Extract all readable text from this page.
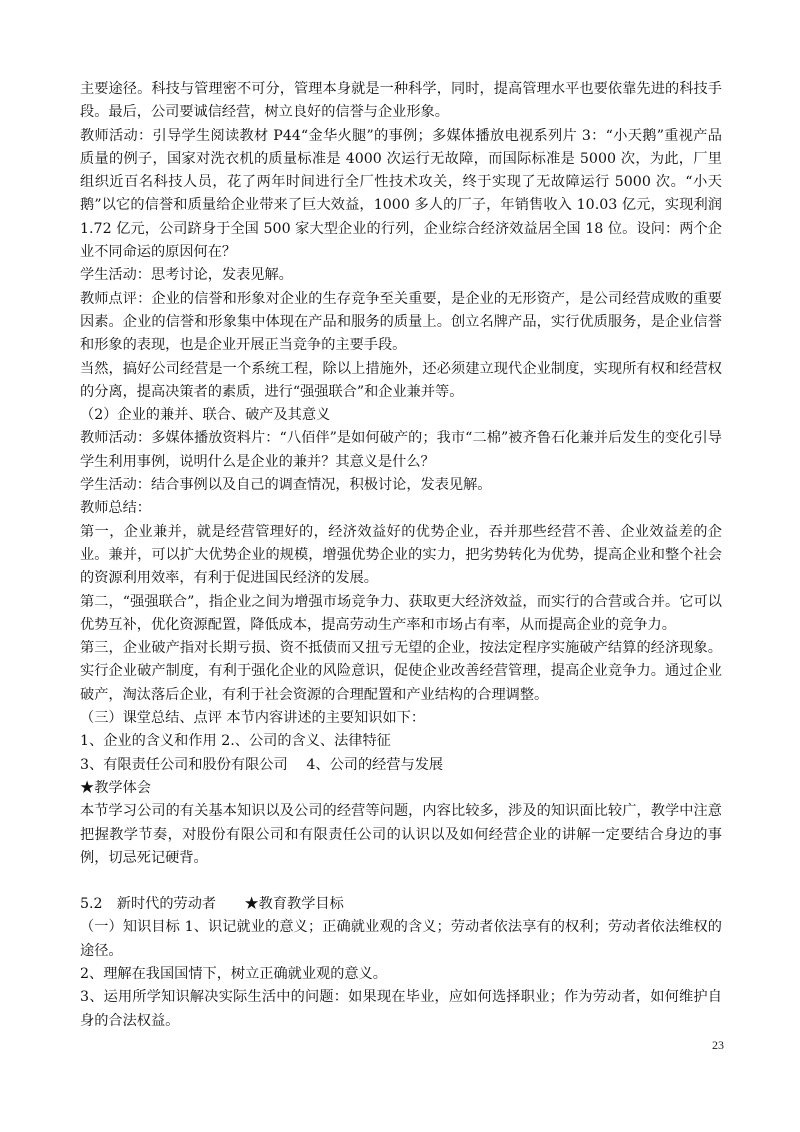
主要途径。科技与管理密不可分，管理本身就是一种科学，同时，提高管理水平也要依靠先进的科技手段。最后，公司要诚信经营，树立良好的信誉与企业形象。

教师活动：引导学生阅读教材 P44“金华火腿”的事例；多媒体播放电视系列片 3：“小天鹅”重视产品质量的例子，国家对洗衣机的质量标准是 4000 次运行无故障，而国际标准是 5000 次，为此，厂里组织近百名科技人员，花了两年时间进行全厂性技术攻关，终于实现了无故障运行 5000 次。“小天鹅”以它的信誉和质量给企业带来了巨大效益，1000 多人的厂子，年销售收入 10.03 亿元，实现利润 1.72 亿元，公司跻身于全国 500 家大型企业的行列，企业综合经济效益居全国 18 位。设问：两个企业不同命运的原因何在？

学生活动：思考讨论，发表见解。

教师点评：企业的信誉和形象对企业的生存竞争至关重要，是企业的无形资产，是公司经营成败的重要因素。企业的信誉和形象集中体现在产品和服务的质量上。创立名牌产品，实行优质服务，是企业信誉和形象的表现，也是企业开展正当竞争的主要手段。

当然，搞好公司经营是一个系统工程，除以上措施外，还必须建立现代企业制度，实现所有权和经营权的分离，提高决策者的素质，进行“强强联合”和企业兼并等。

（2）企业的兼并、联合、破产及其意义

教师活动：多媒体播放资料片：“八佰伴”是如何破产的；我市“二棉”被齐鲁石化兼并后发生的变化引导学生利用事例，说明什么是企业的兼并？其意义是什么？

学生活动：结合事例以及自己的调查情况，积极讨论，发表见解。

教师总结：

第一，企业兼并，就是经营管理好的，经济效益好的优势企业，吞并那些经营不善、企业效益差的企业。兼并，可以扩大优势企业的规模，增强优势企业的实力，把劣势转化为优势，提高企业和整个社会的资源利用效率，有利于促进国民经济的发展。

第二，“强强联合”，指企业之间为增强市场竞争力、获取更大经济效益，而实行的合营或合并。它可以优势互补，优化资源配置，降低成本，提高劳动生产率和市场占有率，从而提高企业的竞争力。

第三，企业破产指对长期亏损、资不抵债而又扭亏无望的企业，按法定程序实施破产结算的经济现象。实行企业破产制度，有利于强化企业的风险意识，促使企业改善经营管理，提高企业竞争力。通过企业破产，淘汰落后企业，有利于社会资源的合理配置和产业结构的合理调整。

（三）课堂总结、点评 本节内容讲述的主要知识如下：

1、企业的含义和作用 2.、公司的含义、法律特征

3、有限责任公司和股份有限公司　 4、公司的经营与发展

★教学体会

本节学习公司的有关基本知识以及公司的经营等问题，内容比较多，涉及的知识面比较广，教学中注意把握教学节奏，对股份有限公司和有限责任公司的认识以及如何经营企业的讲解一定要结合身边的事例，切忌死记硬背。

5.2　新时代的劳动者　　★教育教学目标

（一）知识目标 1、识记就业的意义；正确就业观的含义；劳动者依法享有的权利；劳动者依法维权的途径。

2、理解在我国国情下，树立正确就业观的意义。

3、运用所学知识解决实际生活中的问题：如果现在毕业，应如何选择职业；作为劳动者，如何维护自身的合法权益。

23
